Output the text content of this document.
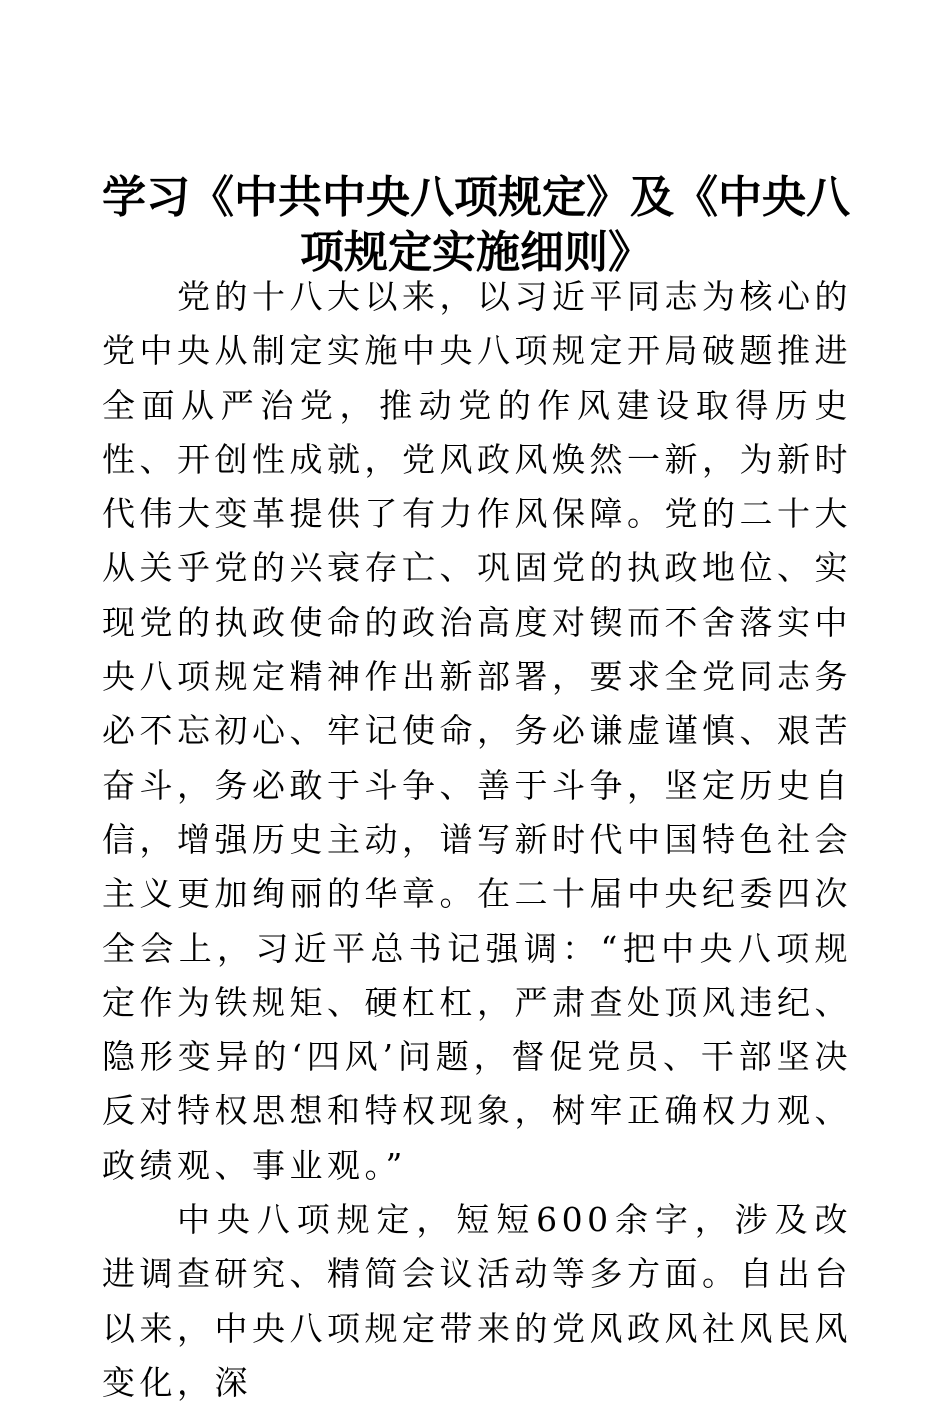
学习《中共中央八项规定》及《中央八项规定实施细则》

党的十八大以来，以习近平同志为核心的党中央从制定实施中央八项规定开局破题推进全面从严治党，推动党的作风建设取得历史性、开创性成就，党风政风焕然一新，为新时代伟大变革提供了有力作风保障。党的二十大从关乎党的兴衰存亡、巩固党的执政地位、实现党的执政使命的政治高度对锲而不舍落实中央八项规定精神作出新部署，要求全党同志务必不忘初心、牢记使命，务必谦虚谨慎、艰苦奋斗，务必敢于斗争、善于斗争，坚定历史自信，增强历史主动，谱写新时代中国特色社会主义更加绚丽的华章。在二十届中央纪委四次全会上，习近平总书记强调：“把中央八项规定作为铁规矩、硬杠杠，严肃查处顶风违纪、隐形变异的‘四风’问题，督促党员、干部坚决反对特权思想和特权现象，树牢正确权力观、政绩观、事业观。”

中央八项规定，短短600余字，涉及改进调查研究、精简会议活动等多方面。自出台以来，中央八项规定带来的党风政风社风民风变化，深
